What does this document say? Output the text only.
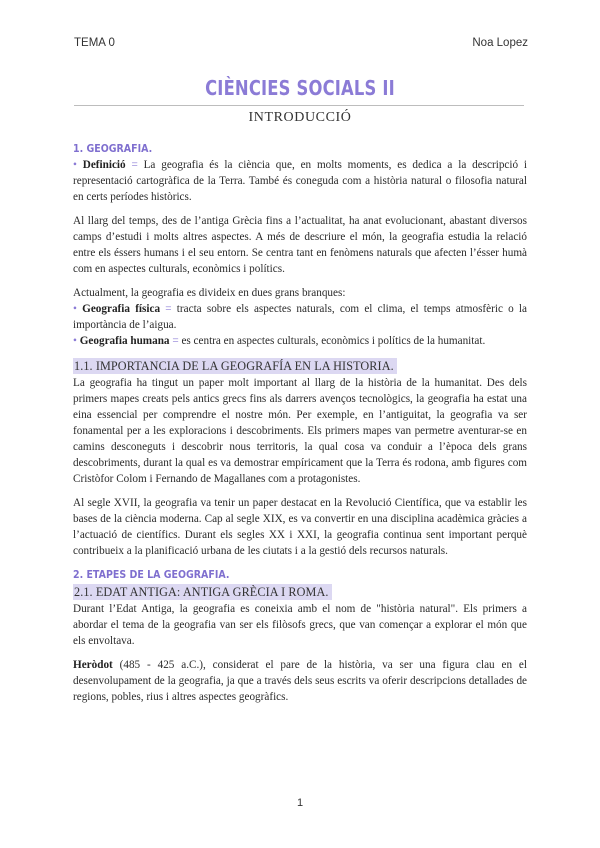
TEMA 0	Noa Lopez
CIÈNCIES SOCIALS II
INTRODUCCIÓ
1. GEOGRAFIA.

• Definició = La geografia és la ciència que, en molts moments, es dedica a la descripció i representació cartogràfica de la Terra. També és coneguda com a història natural o filosofia natural en certs períodes històrics.

Al llarg del temps, des de l’antiga Grècia fins a l’actualitat, ha anat evolucionant, abastant diversos camps d’estudi i molts altres aspectes. A més de descriure el món, la geografia estudia la relació entre els éssers humans i el seu entorn. Se centra tant en fenòmens naturals que afecten l’ésser humà com en aspectes culturals, econòmics i polítics.

Actualment, la geografia es divideix en dues grans branques:

• Geografia física = tracta sobre els aspectes naturals, com el clima, el temps atmosfèric o la importància de l’aigua.

• Geografia humana = es centra en aspectes culturals, econòmics i polítics de la humanitat.

1.1. IMPORTANCIA DE LA GEOGRAFÍA EN LA HISTORIA.

La geografia ha tingut un paper molt important al llarg de la història de la humanitat. Des dels primers mapes creats pels antics grecs fins als darrers avenços tecnològics, la geografia ha estat una eina essencial per comprendre el nostre món. Per exemple, en l’antiguitat, la geografia va ser fonamental per a les exploracions i descobriments. Els primers mapes van permetre aventurar-se en camins desconeguts i descobrir nous territoris, la qual cosa va conduir a l’època dels grans descobriments, durant la qual es va demostrar empíricament que la Terra és rodona, amb figures com Cristòfor Colom i Fernando de Magallanes com a protagonistes.

Al segle XVII, la geografia va tenir un paper destacat en la Revolució Científica, que va establir les bases de la ciència moderna. Cap al segle XIX, es va convertir en una disciplina acadèmica gràcies a l’actuació de científics. Durant els segles XX i XXI, la geografia continua sent important perquè contribueix a la planificació urbana de les ciutats i a la gestió dels recursos naturals.

2. ETAPES DE LA GEOGRAFIA.
2.1. EDAT ANTIGA: ANTIGA GRÈCIA I ROMA.

Durant l’Edat Antiga, la geografia es coneixia amb el nom de "història natural". Els primers a abordar el tema de la geografia van ser els filòsofs grecs, que van començar a explorar el món que els envoltava.

Heròdot (485 - 425 a.C.), considerat el pare de la història, va ser una figura clau en el desenvolupament de la geografia, ja que a través dels seus escrits va oferir descripcions detallades de regions, pobles, rius i altres aspectes geogràfics.

1
